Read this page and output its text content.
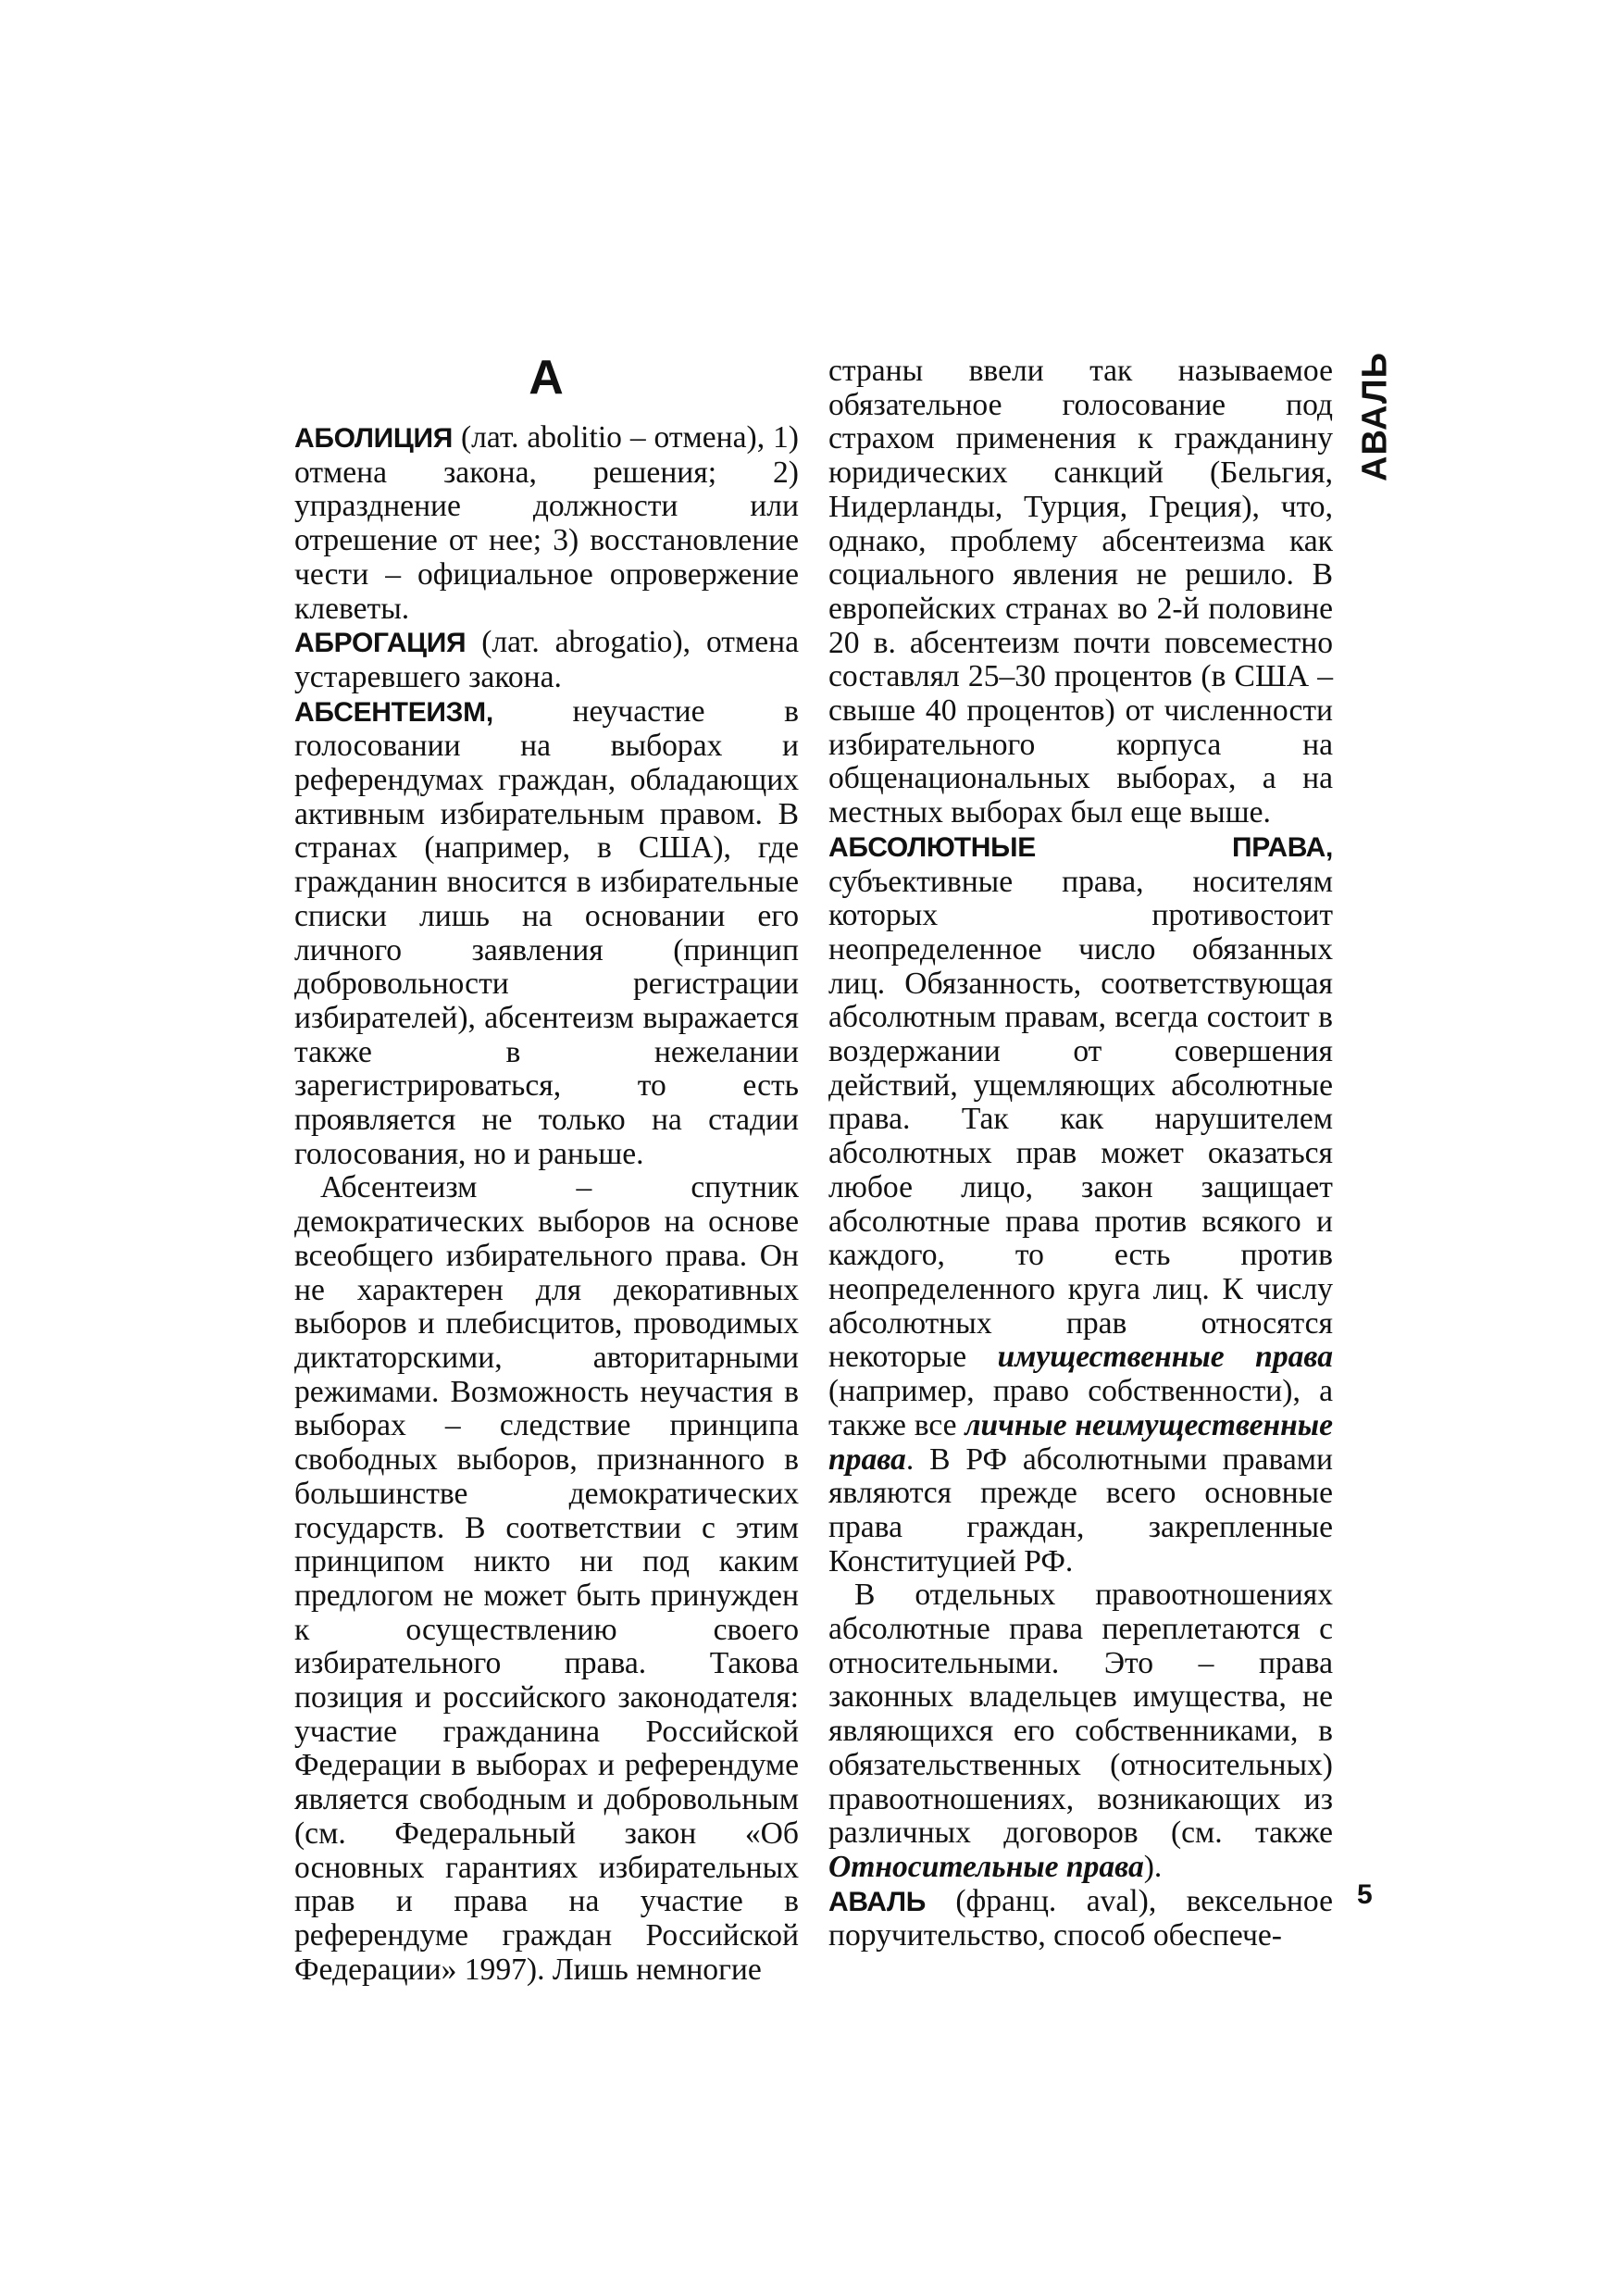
А

АБОЛИЦИЯ (лат. abolitio – отмена), 1) отмена закона, решения; 2) упразднение должности или отрешение от нее; 3) восстановление чести – официальное опровержение клеветы.

АБРОГАЦИЯ (лат. abrogatio), отмена устаревшего закона.

АБСЕНТЕИЗМ, неучастие в голосовании на выборах и референдумах граждан, обладающих активным избирательным правом. В странах (например, в США), где гражданин вносится в избирательные списки лишь на основании его личного заявления (принцип добровольности регистрации избирателей), абсентеизм выражается также в нежелании зарегистрироваться, то есть проявляется не только на стадии голосования, но и раньше.

Абсентеизм – спутник демократических выборов на основе всеобщего избирательного права. Он не характерен для декоративных выборов и плебисцитов, проводимых диктаторскими, авторитарными режимами. Возможность неучастия в выборах – следствие принципа свободных выборов, признанного в большинстве демократических государств. В соответствии с этим принципом никто ни под каким предлогом не может быть принужден к осуществлению своего избирательного права. Такова позиция и российского законодателя: участие гражданина Российской Федерации в выборах и референдуме является свободным и добровольным (см. Федеральный закон «Об основных гарантиях избирательных прав и права на участие в референдуме граждан Российской Федерации» 1997). Лишь немногие

страны ввели так называемое обязательное голосование под страхом применения к гражданину юридических санкций (Бельгия, Нидерланды, Турция, Греция), что, однако, проблему абсентеизма как социального явления не решило. В европейских странах во 2-й половине 20 в. абсентеизм почти повсеместно составлял 25–30 процентов (в США – свыше 40 процентов) от численности избирательного корпуса на общенациональных выборах, а на местных выборах был еще выше.

АБСОЛЮТНЫЕ ПРАВА, субъективные права, носителям которых противостоит неопределенное число обязанных лиц. Обязанность, соответствующая абсолютным правам, всегда состоит в воздержании от совершения действий, ущемляющих абсолютные права. Так как нарушителем абсолютных прав может оказаться любое лицо, закон защищает абсолютные права против всякого и каждого, то есть против неопределенного круга лиц. К числу абсолютных прав относятся некоторые имущественные права (например, право собственности), а также все личные неимущественные права. В РФ абсолютными правами являются прежде всего основные права граждан, закрепленные Конституцией РФ.

В отдельных правоотношениях абсолютные права переплетаются с относительными. Это – права законных владельцев имущества, не являющихся его собственниками, в обязательственных (относительных) правоотношениях, возникающих из различных договоров (см. также Относительные права).

АВАЛЬ (франц. aval), вексельное поручительство, способ обеспече-

АВАЛЬ
5
